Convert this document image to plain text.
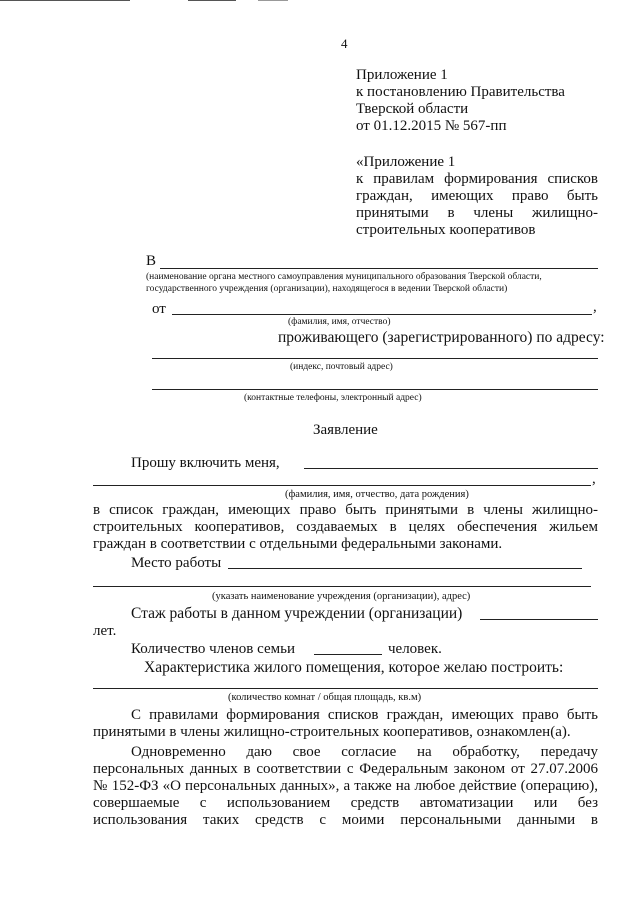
4
Приложение 1
к постановлению Правительства
Тверской области
от 01.12.2015 № 567-пп
«Приложение 1
к правилам формирования списков
граждан, имеющих право быть
принятыми в члены жилищно-
строительных кооперативов
В
(наименование органа местного самоуправления муниципального образования Тверской области,
государственного учреждения (организации), находящегося в ведении Тверской области)
от	,
(фамилия, имя, отчество)
проживающего (зарегистрированного) по адресу:
(индекс, почтовый адрес)
(контактные телефоны, электронный адрес)
Заявление
Прошу включить меня,
,
(фамилия, имя, отчество, дата рождения)
в список граждан, имеющих право быть принятыми в члены жилищно-
строительных кооперативов, создаваемых в целях обеспечения жильем
граждан в соответствии с отдельными федеральными законами.
Место работы
(указать наименование учреждения (организации), адрес)
Стаж работы в данном учреждении (организации)
лет.
Количество членов семьи	человек.
Характеристика жилого помещения, которое желаю построить:
(количество комнат / общая площадь, кв.м)
С правилами формирования списков граждан, имеющих право быть
принятыми в члены жилищно-строительных кооперативов, ознакомлен(а).
Одновременно даю свое согласие на обработку, передачу
персональных данных в соответствии с Федеральным законом от 27.07.2006
№ 152-ФЗ «О персональных данных», а также на любое действие (операцию),
совершаемые с использованием средств автоматизации или без
использования таких средств с моими персональными данными в
